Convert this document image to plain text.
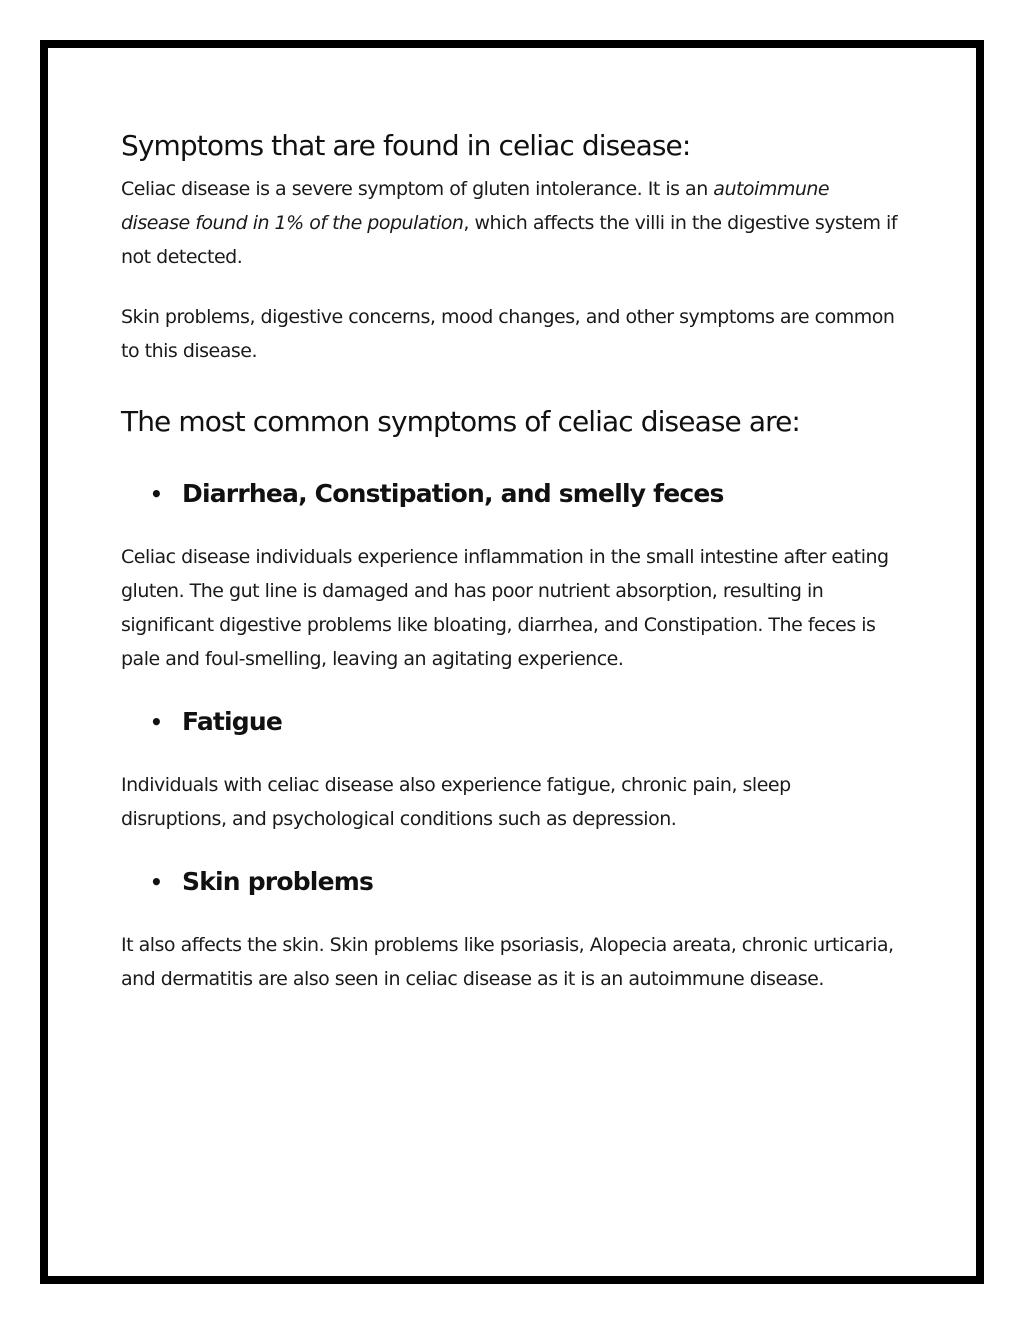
Symptoms that are found in celiac disease:

Celiac disease is a severe symptom of gluten intolerance. It is an autoimmune disease found in 1% of the population, which affects the villi in the digestive system if not detected.

Skin problems, digestive concerns, mood changes, and other symptoms are common to this disease.

The most common symptoms of celiac disease are:
• Diarrhea, Constipation, and smelly feces

Celiac disease individuals experience inflammation in the small intestine after eating gluten. The gut line is damaged and has poor nutrient absorption, resulting in significant digestive problems like bloating, diarrhea, and Constipation. The feces is pale and foul-smelling, leaving an agitating experience.

• Fatigue

Individuals with celiac disease also experience fatigue, chronic pain, sleep disruptions, and psychological conditions such as depression.

• Skin problems

It also affects the skin. Skin problems like psoriasis, Alopecia areata, chronic urticaria, and dermatitis are also seen in celiac disease as it is an autoimmune disease.
